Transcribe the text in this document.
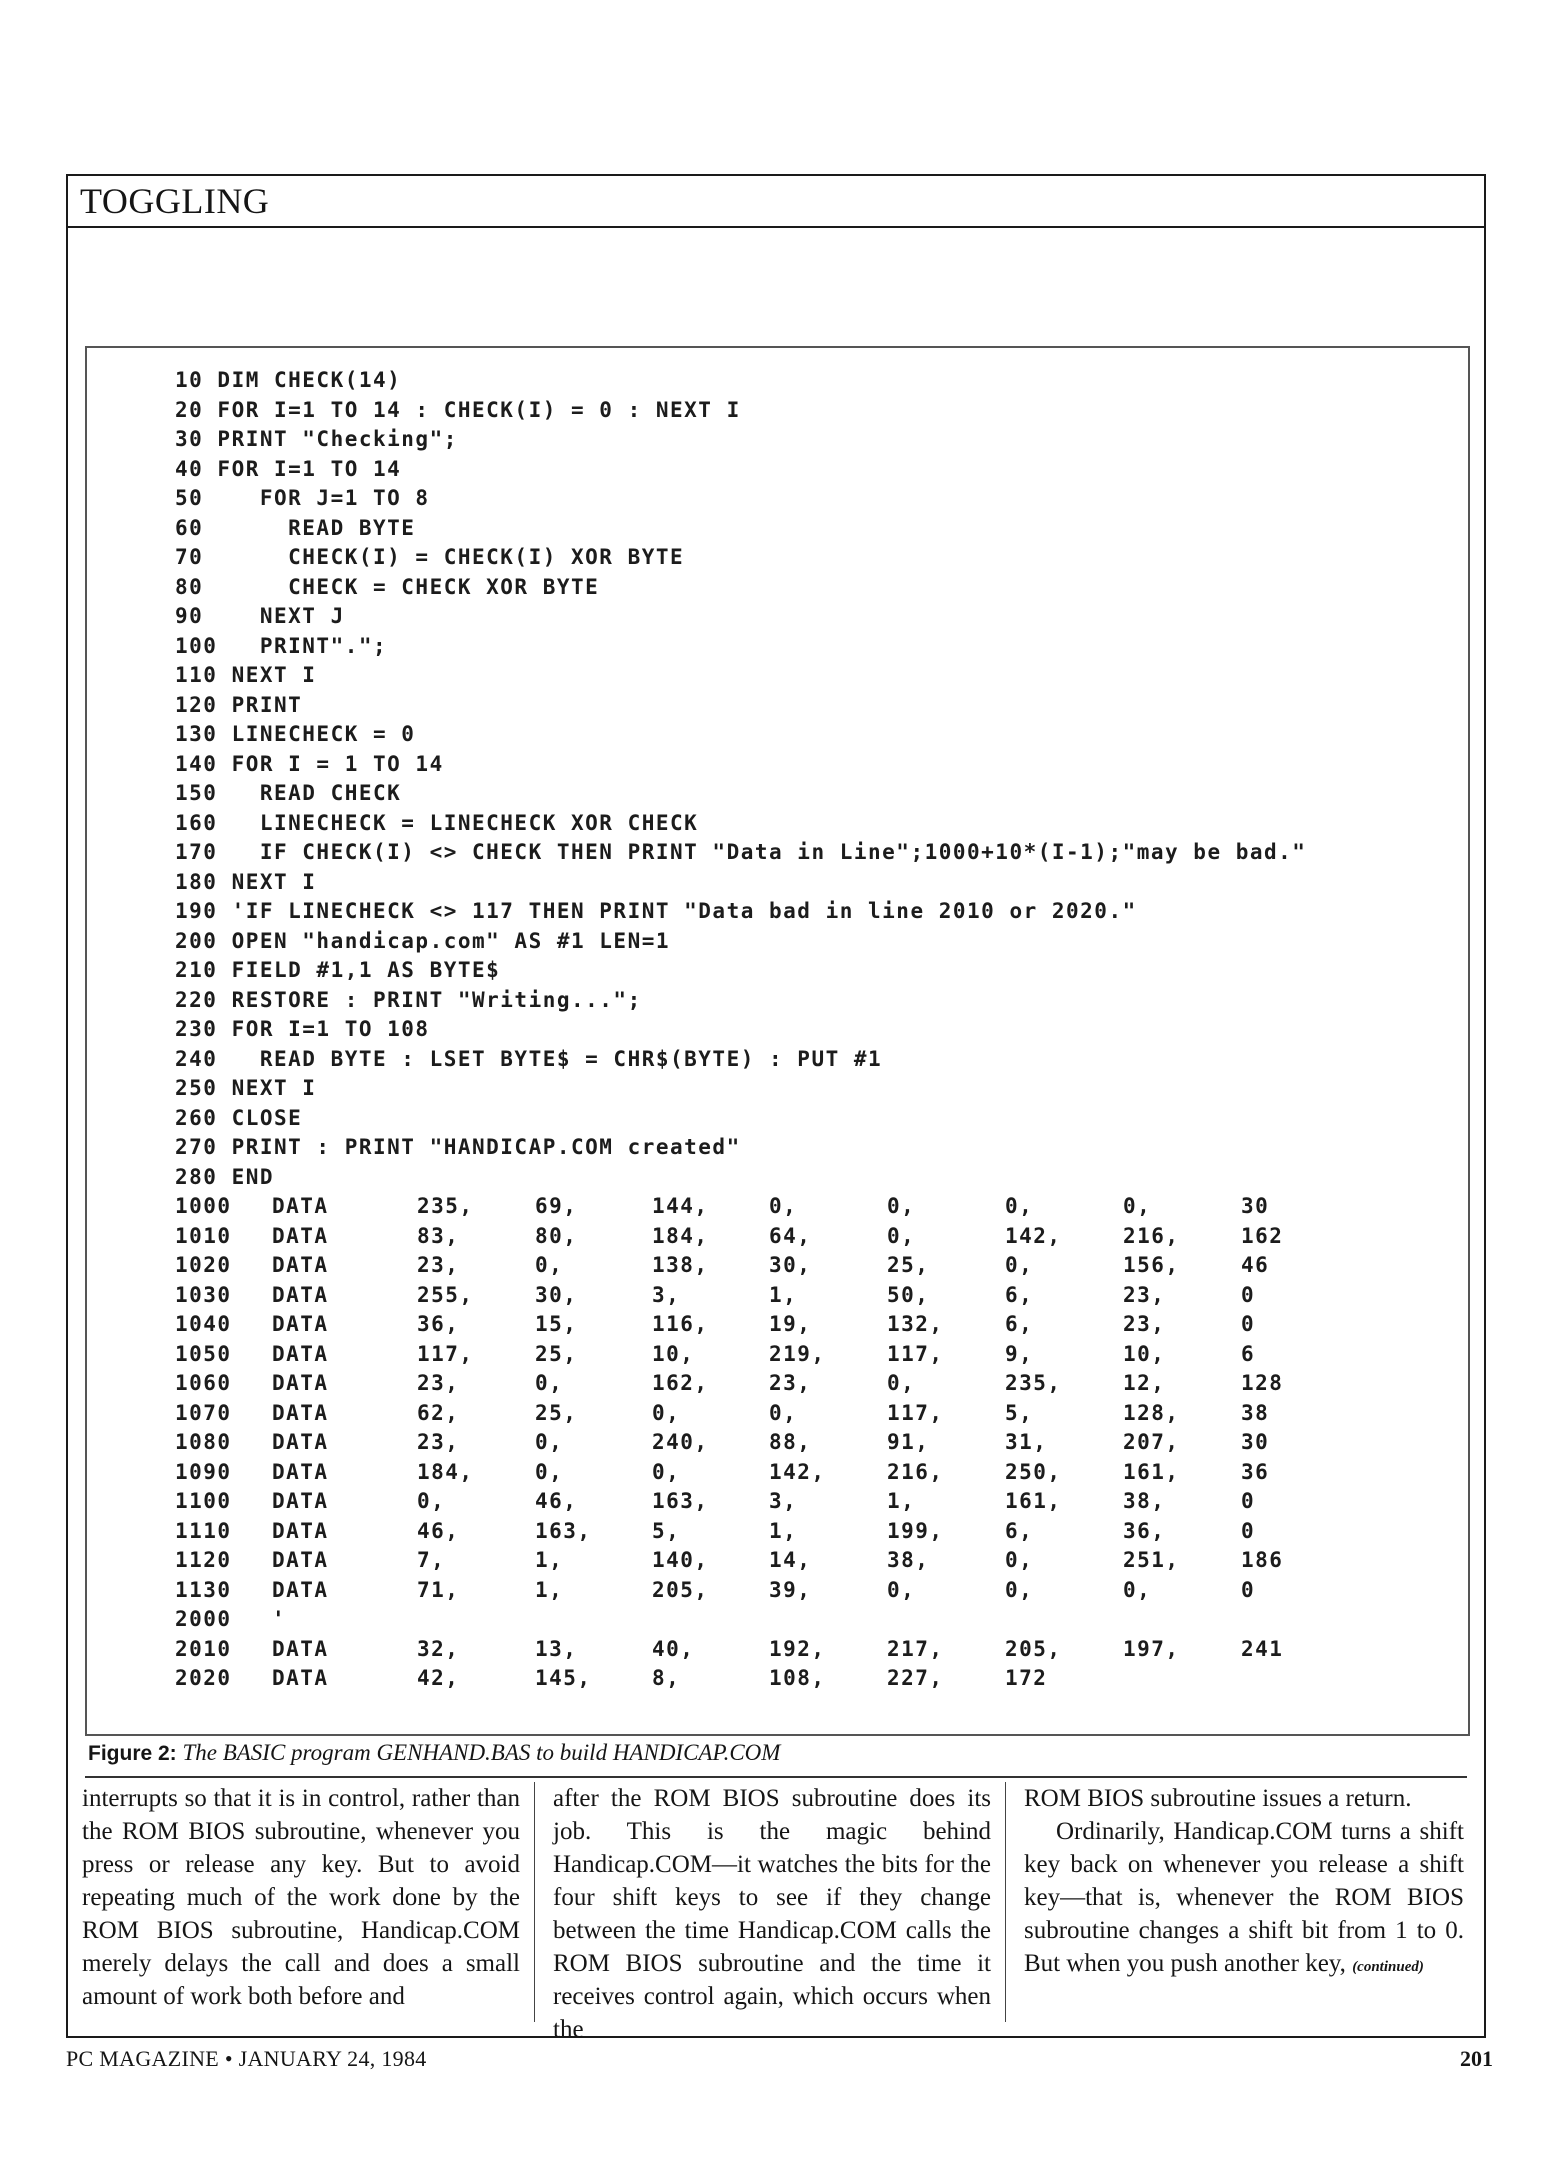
TOGGLING
10 DIM CHECK(14)
20 FOR I=1 TO 14 : CHECK(I) = 0 : NEXT I
30 PRINT "Checking";
40 FOR I=1 TO 14
50    FOR J=1 TO 8
60      READ BYTE
70      CHECK(I) = CHECK(I) XOR BYTE
80      CHECK = CHECK XOR BYTE
90    NEXT J
100   PRINT".";
110 NEXT I
120 PRINT
130 LINECHECK = 0
140 FOR I = 1 TO 14
150   READ CHECK
160   LINECHECK = LINECHECK XOR CHECK
170   IF CHECK(I) <> CHECK THEN PRINT "Data in Line";1000+10*(I-1);"may be bad."
180 NEXT I
190 'IF LINECHECK <> 117 THEN PRINT "Data bad in line 2010 or 2020."
200 OPEN "handicap.com" AS #1 LEN=1
210 FIELD #1,1 AS BYTE$
220 RESTORE : PRINT "Writing...";
230 FOR I=1 TO 108
240   READ BYTE : LSET BYTE$ = CHR$(BYTE) : PUT #1
250 NEXT I
260 CLOSE
270 PRINT : PRINT "HANDICAP.COM created"
280 END
1000 DATA	235,	69,	144,	0,	0,	0,	0,	30
1010 DATA	83,	80,	184,	64,	0,	142,	216,	162
1020 DATA	23,	0,	138,	30,	25,	0,	156,	46
1030 DATA	255,	30,	3,	1,	50,	6,	23,	0
1040 DATA	36,	15,	116,	19,	132,	6,	23,	0
1050 DATA	117,	25,	10,	219,	117,	9,	10,	6
1060 DATA	23,	0,	162,	23,	0,	235,	12,	128
1070 DATA	62,	25,	0,	0,	117,	5,	128,	38
1080 DATA	23,	0,	240,	88,	91,	31,	207,	30
1090 DATA	184,	0,	0,	142,	216,	250,	161,	36
1100 DATA	0,	46,	163,	3,	1,	161,	38,	0
1110 DATA	46,	163,	5,	1,	199,	6,	36,	0
1120 DATA	7,	1,	140,	14,	38,	0,	251,	186
1130 DATA	71,	1,	205,	39,	0,	0,	0,	0
2000 '
2010 DATA	32,	13,	40,	192,	217,	205,	197,	241
2020 DATA	42,	145,	8,	108,	227,	172
Figure 2: The BASIC program GENHAND.BAS to build HANDICAP.COM

interrupts so that it is in control, rather than the ROM BIOS subroutine, whenever you press or release any key. But to avoid repeating much of the work done by the ROM BIOS subroutine, Handicap.COM merely delays the call and does a small amount of work both before and

after the ROM BIOS subroutine does its job. This is the magic behind Handicap.COM—it watches the bits for the four shift keys to see if they change between the time Handicap.COM calls the ROM BIOS subroutine and the time it receives control again, which occurs when the

ROM BIOS subroutine issues a return.

Ordinarily, Handicap.COM turns a shift key back on whenever you release a shift key—that is, whenever the ROM BIOS subroutine changes a shift bit from 1 to 0. But when you push another key, (continued)

PC MAGAZINE • JANUARY 24, 1984	201
